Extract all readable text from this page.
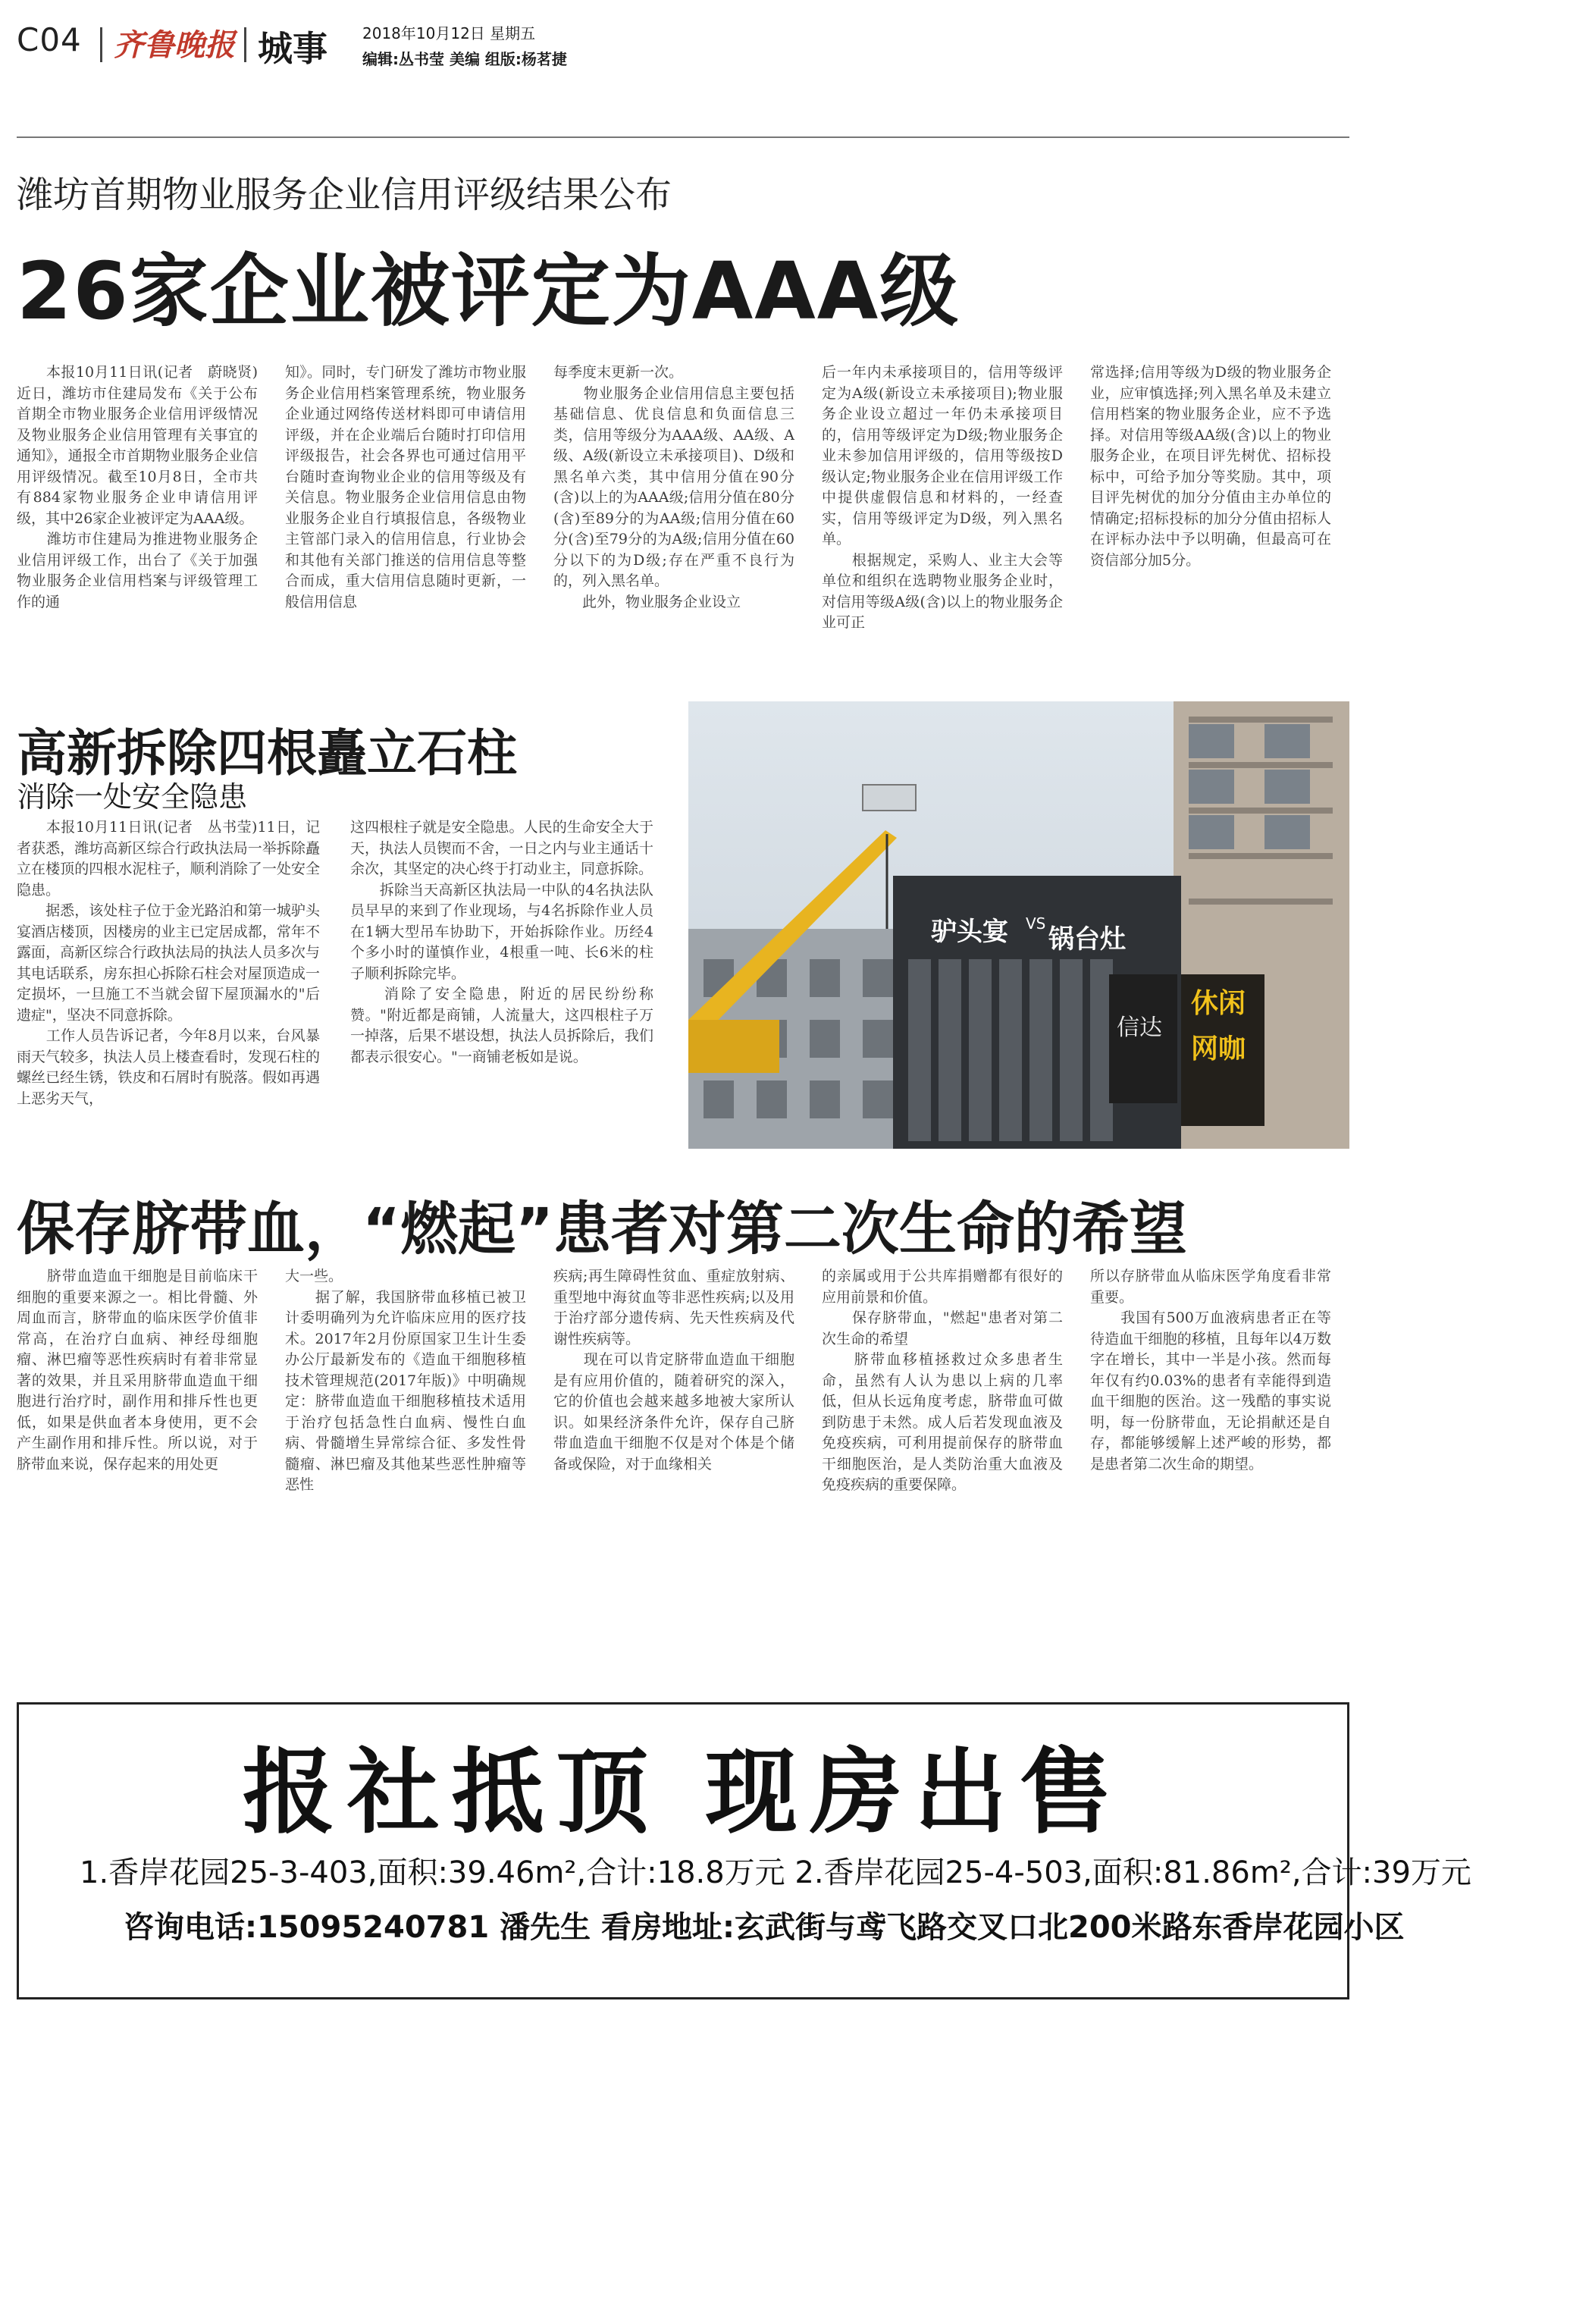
C04 齐鲁晚报 城事 2018年10月12日 星期五
编辑:丛书莹 美编 组版:杨茗捷
潍坊首期物业服务企业信用评级结果公布
26家企业被评定为AAA级
　　本报10月11日讯(记者　蔚晓贤)近日，潍坊市住建局发布《关于公布首期全市物业服务企业信用评级情况及物业服务企业信用管理有关事宜的通知》，通报全市首期物业服务企业信用评级情况。截至10月8日，全市共有884家物业服务企业申请信用评级，其中26家企业被评定为AAA级。
　　潍坊市住建局为推进物业服务企业信用评级工作，出台了《关于加强物业服务企业信用档案与评级管理工作的通
知》。同时，专门研发了潍坊市物业服务企业信用档案管理系统，物业服务企业通过网络传送材料即可申请信用评级，并在企业端后台随时打印信用评级报告，社会各界也可通过信用平台随时查询物业企业的信用等级及有关信息。物业服务企业信用信息由物业服务企业自行填报信息，各级物业主管部门录入的信用信息，行业协会和其他有关部门推送的信用信息等整合而成，重大信用信息随时更新，一般信用信息
每季度末更新一次。
　　物业服务企业信用信息主要包括基础信息、优良信息和负面信息三类，信用等级分为AAA级、AA级、A级、A级(新设立未承接项目)、D级和黑名单六类，其中信用分值在90分(含)以上的为AAA级;信用分值在80分(含)至89分的为AA级;信用分值在60分(含)至79分的为A级;信用分值在60分以下的为D级;存在严重不良行为的，列入黑名单。
　　此外，物业服务企业设立
后一年内未承接项目的，信用等级评定为A级(新设立未承接项目);物业服务企业设立超过一年仍未承接项目的，信用等级评定为D级;物业服务企业未参加信用评级的，信用等级按D级认定;物业服务企业在信用评级工作中提供虚假信息和材料的，一经查实，信用等级评定为D级，列入黑名单。
　　根据规定，采购人、业主大会等单位和组织在选聘物业服务企业时，对信用等级A级(含)以上的物业服务企业可正
常选择;信用等级为D级的物业服务企业，应审慎选择;列入黑名单及未建立信用档案的物业服务企业，应不予选择。对信用等级AA级(含)以上的物业服务企业，在项目评先树优、招标投标中，可给予加分等奖励。其中，项目评先树优的加分分值由主办单位的情确定;招标投标的加分分值由招标人在评标办法中予以明确，但最高可在资信部分加5分。
高新拆除四根矗立石柱
消除一处安全隐患
　　本报10月11日讯(记者　丛书莹)11日，记者获悉，潍坊高新区综合行政执法局一举拆除矗立在楼顶的四根水泥柱子，顺利消除了一处安全隐患。
　　据悉，该处柱子位于金光路泊和第一城驴头宴酒店楼顶，因楼房的业主已定居成都，常年不露面，高新区综合行政执法局的执法人员多次与其电话联系，房东担心拆除石柱会对屋顶造成一定损坏，一旦施工不当就会留下屋顶漏水的"后遗症"，坚决不同意拆除。
　　工作人员告诉记者，今年8月以来，台风暴雨天气较多，执法人员上楼查看时，发现石柱的螺丝已经生锈，铁皮和石屑时有脱落。假如再遇上恶劣天气，
这四根柱子就是安全隐患。人民的生命安全大于天，执法人员锲而不舍，一日之内与业主通话十余次，其坚定的决心终于打动业主，同意拆除。
　　拆除当天高新区执法局一中队的4名执法队员早早的来到了作业现场，与4名拆除作业人员在1辆大型吊车协助下，开始拆除作业。历经4个多小时的谨慎作业，4根重一吨、长6米的柱子顺利拆除完毕。
　　消除了安全隐患，附近的居民纷纷称赞。"附近都是商铺，人流量大，这四根柱子万一掉落，后果不堪设想，执法人员拆除后，我们都表示很安心。"一商铺老板如是说。
驴头宴 VS
锅台灶
休闲
网咖
信达
保存脐带血，“燃起”患者对第二次生命的希望
　　脐带血造血干细胞是目前临床干细胞的重要来源之一。相比骨髓、外周血而言，脐带血的临床医学价值非常高，在治疗白血病、神经母细胞瘤、淋巴瘤等恶性疾病时有着非常显著的效果，并且采用脐带血造血干细胞进行治疗时，副作用和排斥性也更低，如果是供血者本身使用，更不会产生副作用和排斥性。所以说，对于脐带血来说，保存起来的用处更
大一些。
　　据了解，我国脐带血移植已被卫计委明确列为允许临床应用的医疗技术。2017年2月份原国家卫生计生委办公厅最新发布的《造血干细胞移植技术管理规范(2017年版)》中明确规定：脐带血造血干细胞移植技术适用于治疗包括急性白血病、慢性白血病、骨髓增生异常综合征、多发性骨髓瘤、淋巴瘤及其他某些恶性肿瘤等恶性
疾病;再生障碍性贫血、重症放射病、重型地中海贫血等非恶性疾病;以及用于治疗部分遗传病、先天性疾病及代谢性疾病等。
　　现在可以肯定脐带血造血干细胞是有应用价值的，随着研究的深入，它的价值也会越来越多地被大家所认识。如果经济条件允许，保存自己脐带血造血干细胞不仅是对个体是个储备或保险，对于血缘相关
的亲属或用于公共库捐赠都有很好的应用前景和价值。
　　保存脐带血，"燃起"患者对第二次生命的希望
　　脐带血移植拯救过众多患者生命，虽然有人认为患以上病的几率低，但从长远角度考虑，脐带血可做到防患于未然。成人后若发现血液及免疫疾病，可利用提前保存的脐带血干细胞医治，是人类防治重大血液及免疫疾病的重要保障。
所以存脐带血从临床医学角度看非常重要。
　　我国有500万血液病患者正在等待造血干细胞的移植，且每年以4万数字在增长，其中一半是小孩。然而每年仅有约0.03%的患者有幸能得到造血干细胞的医治。这一残酷的事实说明，每一份脐带血，无论捐献还是自存，都能够缓解上述严峻的形势，都是患者第二次生命的期望。
报社抵顶 现房出售
1.香岸花园25-3-403,面积:39.46m²,合计:18.8万元 2.香岸花园25-4-503,面积:81.86m²,合计:39万元
咨询电话:15095240781 潘先生 看房地址:玄武街与鸢飞路交叉口北200米路东香岸花园小区
